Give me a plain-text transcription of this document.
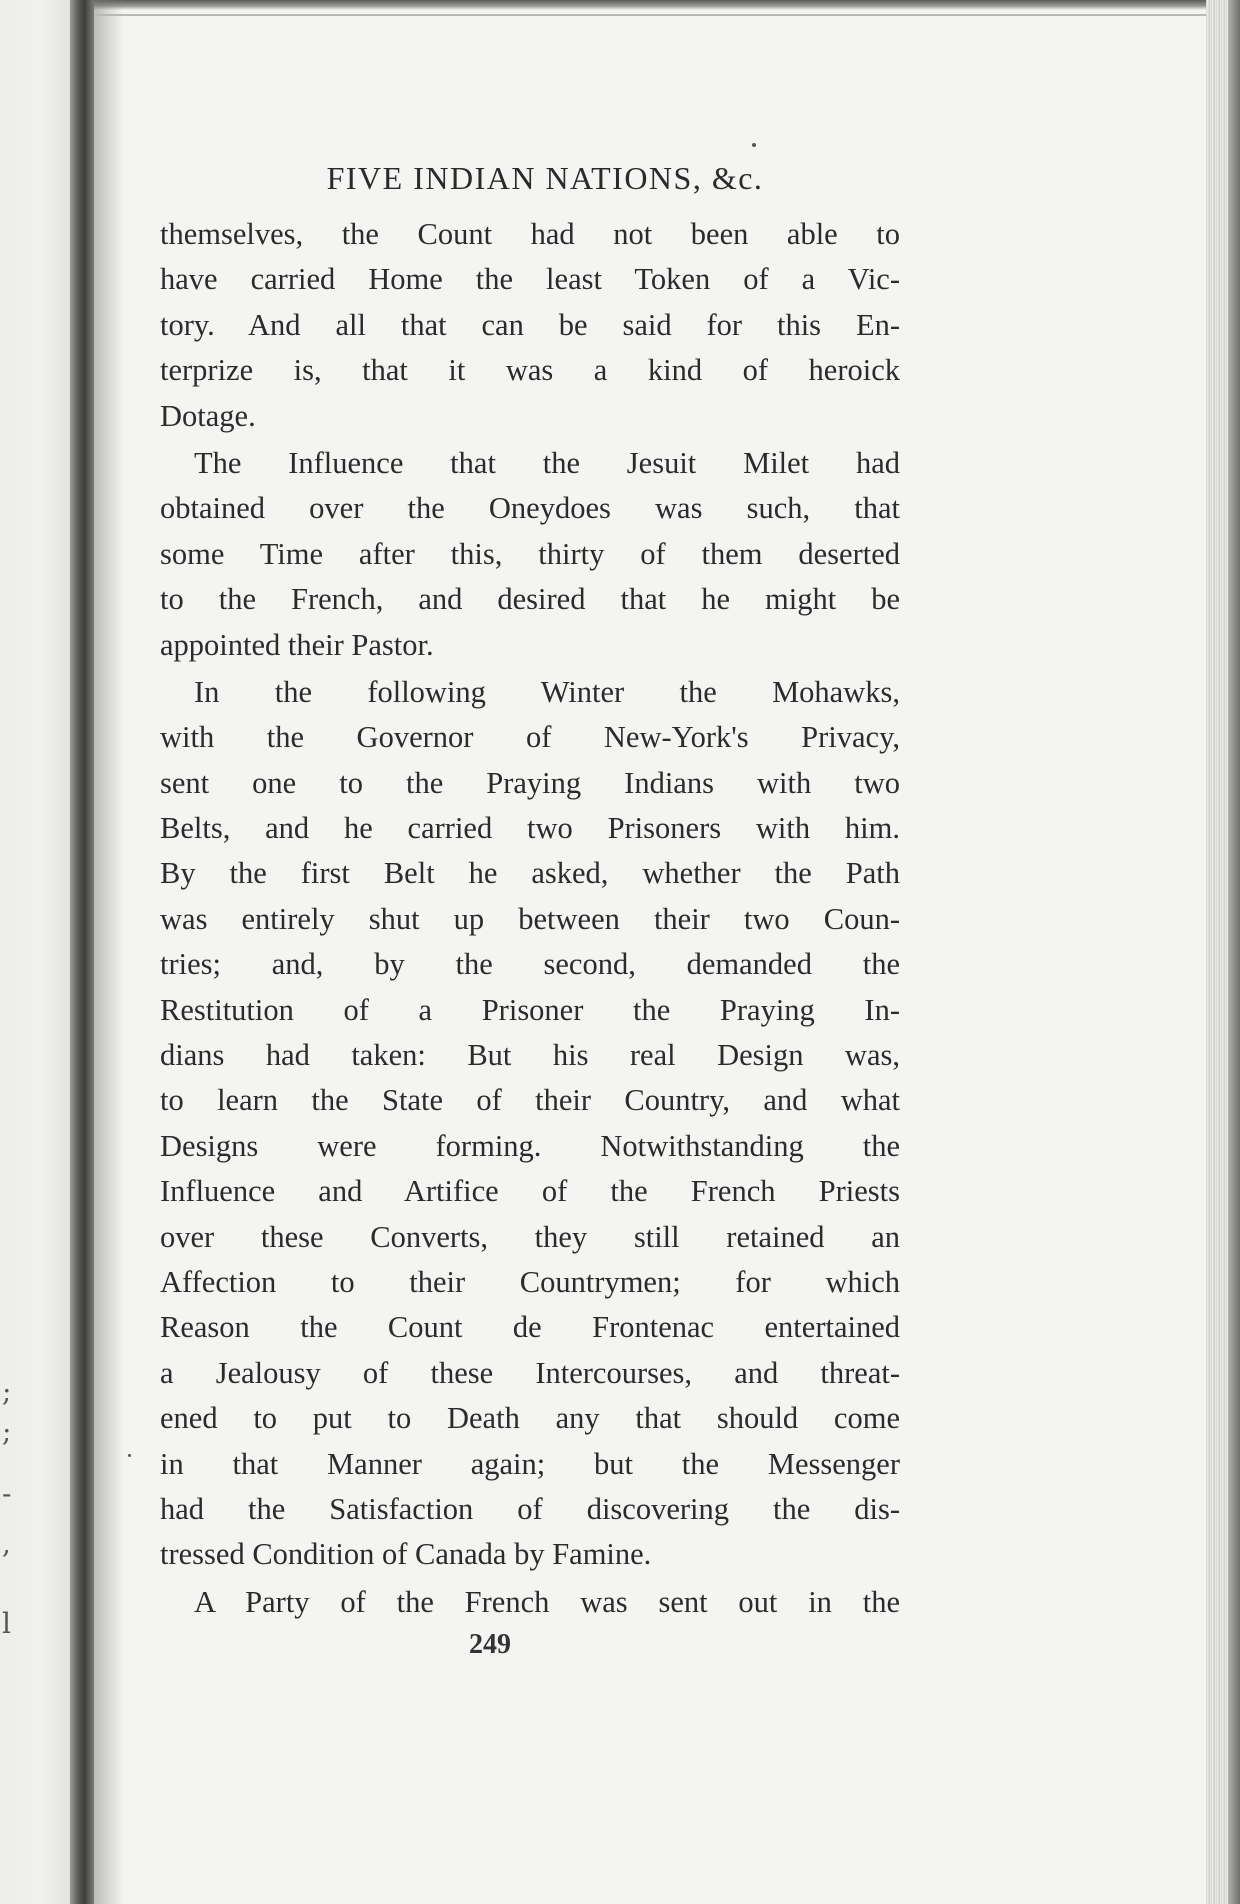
;
;
-
,
l
FIVE INDIAN NATIONS, &c.
themselves, the Count had not been able to
have carried Home the least Token of a Vic-
tory. And all that can be said for this En-
terprize is, that it was a kind of heroick
Dotage.
The Influence that the Jesuit Milet had
obtained over the Oneydoes was such, that
some Time after this, thirty of them deserted
to the French, and desired that he might be
appointed their Pastor.
In the following Winter the Mohawks,
with the Governor of New-York's Privacy,
sent one to the Praying Indians with two
Belts, and he carried two Prisoners with him.
By the first Belt he asked, whether the Path
was entirely shut up between their two Coun-
tries; and, by the second, demanded the
Restitution of a Prisoner the Praying In-
dians had taken: But his real Design was,
to learn the State of their Country, and what
Designs were forming. Notwithstanding the
Influence and Artifice of the French Priests
over these Converts, they still retained an
Affection to their Countrymen; for which
Reason the Count de Frontenac entertained
a Jealousy of these Intercourses, and threat-
ened to put to Death any that should come
in that Manner again; but the Messenger
had the Satisfaction of discovering the dis-
tressed Condition of Canada by Famine.
A Party of the French was sent out in the
249
